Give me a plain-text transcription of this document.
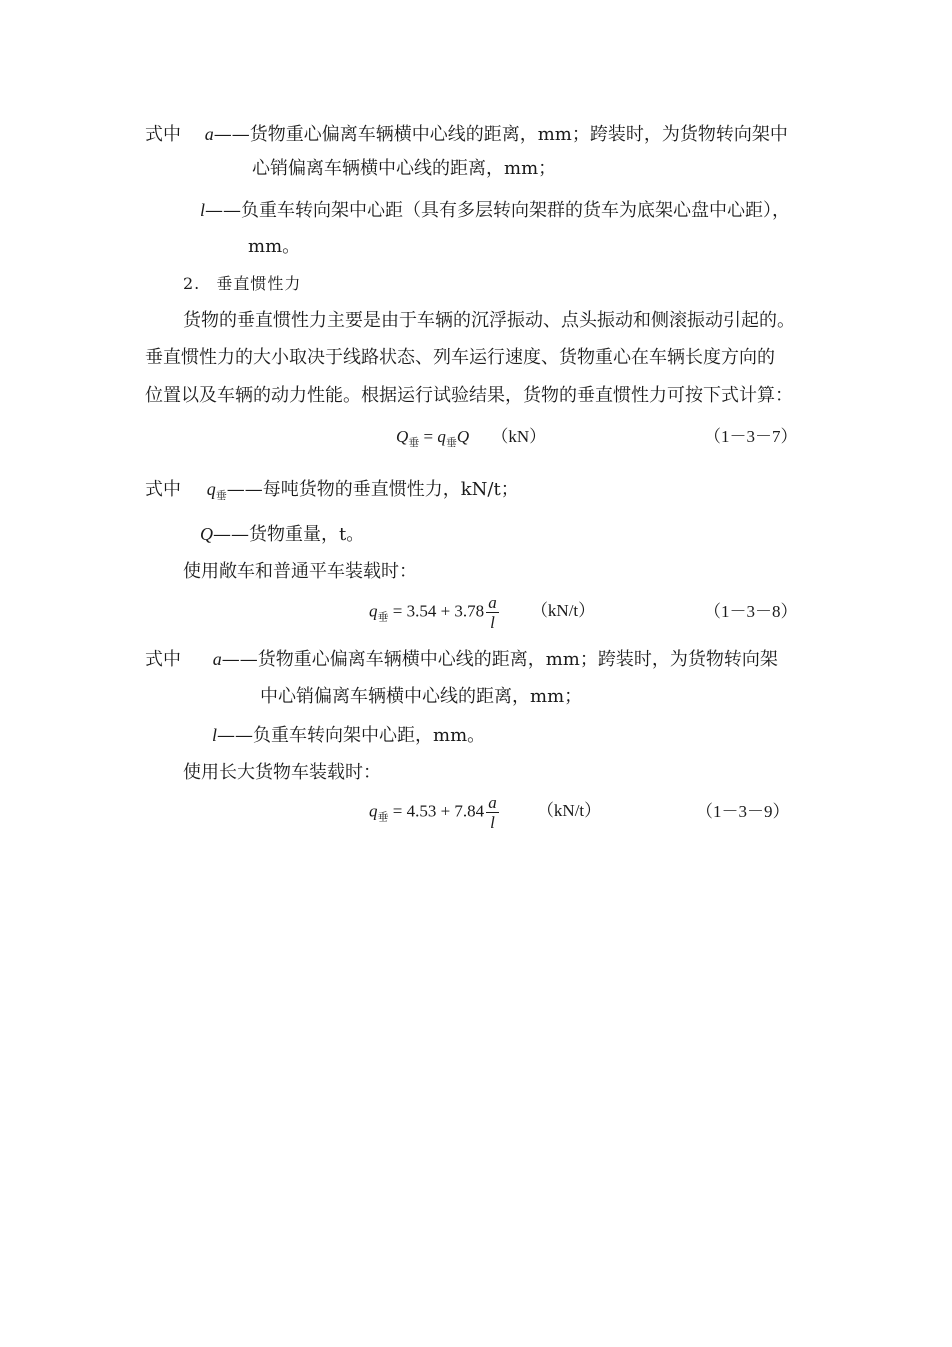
式中 a——货物重心偏离车辆横中心线的距离，mm；跨装时，为货物转向架中
心销偏离车辆横中心线的距离，mm；
l——负重车转向架中心距（具有多层转向架群的货车为底架心盘中心距），
mm。
2. 垂直惯性力
货物的垂直惯性力主要是由于车辆的沉浮振动、点头振动和侧滚振动引起的。
垂直惯性力的大小取决于线路状态、列车运行速度、货物重心在车辆长度方向的
位置以及车辆的动力性能。根据运行试验结果，货物的垂直惯性力可按下式计算：
$Q_垂 = q_垂Q$ （kN）	（1－3－7）
式中 $q_垂——$每吨货物的垂直惯性力，kN/t；
Q——货物重量，t。
使用敞车和普通平车装载时：
$q_垂 = 3.54 + 3.78 \frac{a}{l} (kN/t)$	（1－3－8）
式中 a——货物重心偏离车辆横中心线的距离，mm；跨装时，为货物转向架
中心销偏离车辆横中心线的距离，mm；
l——负重车转向架中心距，mm。
使用长大货物车装载时：
$q_垂 = 4.53 + 7.84 \frac{a}{l} (kN/t)$	（1－3－9）
